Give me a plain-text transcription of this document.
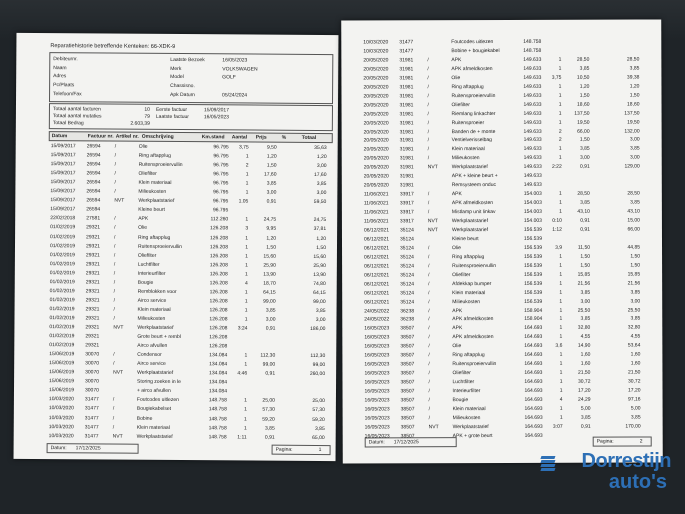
Reparatiehistorie betreffende Kenteken: 66-XDK-9
Debiteurnr.
Naam
Adres
Pc/Plaats
Telefoon/Fax
Laatste Bezoek	16/05/2023
Merk	VOLKSWAGEN
Model	GOLF
Chassisno.
Apk Datum	05/24/2024
Totaal aantal facturen	10 Eerste factuur	15/09/2017
Totaal aantal mutaties	79 Laatste factuur	16/05/2023
Totaal Bedrag	2.603,39
Datum	Factuur nr. Artikel nr. Omschrijving	Km.stand Aantal Prijs	%	Totaal
15/09/2017	26594	/	Olie	96.795	3,75	9,50	35,63
15/09/2017	26594	/	Ring aftapplug	96.795	1	1,20	1,20
15/09/2017	26594	/	Ruitensproeiervullin	96.795	2	1,50	3,00
15/09/2017	26594	/	Oliefilter	96.795	1	17,60	17,60
15/09/2017	26594	/	Klein materiaal	96.795	1	3,85	3,85
15/09/2017	26594	/	Milieukosten	96.795	1	3,00	3,00
15/09/2017	26594	NVT	Werkplaatstarief	96.795	1.05	0,91	59,50
15/09/2017	26594	Kleine beurt	96.795
22/02/2018	27581	/	APK	112.260	1	24,75	24,75
01/02/2019	29321	/	Olie	126.208	3	9,95	37,81
01/02/2019	29321	/	Ring aftapplug	126.208	1	1,20	1,20
01/02/2019	29321	/	Ruitensproeiervullin	126.208	1	1,50	1,50
01/02/2019	29321	/	Oliefilter	126.208	1	15,60	15,60
01/02/2019	29321	/	Luchtfilter	126.208	1	25,90	25,90
01/02/2019	29321	/	Interieurfilter	126.208	1	13,90	13,90
01/02/2019	29321	/	Bougie	126.208	4	18,70	74,80
01/02/2019	29321	/	Remblokken voor	126.208	1	64,15	64,15
01/02/2019	29321	/	Airco service	126.208	1	99,00	99,00
01/02/2019	29321	/	Klein materiaal	126.208	1	3,85	3,85
01/02/2019	29321	/	Milieukosten	126.208	1	3,00	3,00
01/02/2019	29321	NVT	Werkplaatstarief	126.208	3:24	0,91	186,00
01/02/2019	29321	Grote beurt + rembl	126.208
01/02/2019	29321	Airco afvullen	126.208
15/06/2019	30070	/	Condensor	134.084	1	112,30	112,30
15/06/2019	30070	/	Airco service	134.084	1	99,00	99,00
15/06/2019	30070	NVT	Werkplaatstarief	134.084	4:46	0,91	260,00
15/06/2019	30070	Storing zoeken in le	134.084
15/06/2019	30070	+ airco afvullen	134.084
10/03/2020	31477	/	Foutcodes uitlezen	148.758	1	25,00	25,00
10/03/2020	31477	/	Bougiekabelset	148.758	1	57,30	57,30
10/03/2020	31477	/	Bobine	148.758	1	59,20	59,20
10/03/2020	31477	/	Klein materiaal	148.758	1	3,85	3,85
10/03/2020	31477	NVT	Werkplaatstarief	148.758	1:11	0,91	65,00
Datum: 17/12/2025	Pagina:	1
10/03/2020	31477	Foutcodes uitlezen	148.758
10/03/2020	31477	Bobine + bougiekabel	148.758
20/05/2020	31981	/	APK	149.633	1	28,50	28,50
20/05/2020	31981	/	APK afmeldkosten	149.633	1	3,85	3,85
20/05/2020	31981	/	Olie	149.633	3,75	10,50	39,38
20/05/2020	31981	/	Ring aftapplug	149.633	1	1,20	1,20
20/05/2020	31981	/	Ruitensproeiervullin	149.633	1	1,50	1,50
20/05/2020	31981	/	Oliefilter	149.633	1	18,60	18,60
20/05/2020	31981	/	Riemlang linkachter	149.633	1	137,50	137,50
20/05/2020	31981	/	Ruitensproeier	149.633	1	19,50	19,50
20/05/2020	31981	/	Banden de + monte	149.633	2	66,00	132,00
20/05/2020	31981	/	Ventielverisselbag	149.633	2	1,50	3,00
20/05/2020	31981	/	Klein materiaal	149.633	1	3,85	3,85
20/05/2020	31981	/	Milieukosten	149.633	1	3,00	3,00
20/05/2020	31981	NVT	Werkplaatstarief	149.633	2:22	0,91	129,00
20/05/2020	31981	APK + kleine beurt +	149.633
20/05/2020	31981	Remsysteem onduc	149.633
11/06/2021	33917	/	APK	154.003	1	28,50	28,50
11/06/2021	33917	/	APK afmeldkosten	154.003	1	3,85	3,85
11/06/2021	33917	/	Mistlamp unit linkav	154.003	1	43,10	43,10
11/06/2021	33917	NVT	Werkplaatstarief	154.003	0:10	0,91	15,00
06/12/2021	35124	NVT	Werkplaatstarief	156.539	1:12	0,91	66,00
06/12/2021	35124	Kleine beurt	156.539
06/12/2021	35124	/	Olie	156.539	3,9	11,50	44,85
06/12/2021	35124	/	Ring aftapplug	156.539	1	1,50	1,50
06/12/2021	35124	/	Ruitensproeiervullin	156.539	1	1,50	1,50
06/12/2021	35124	/	Oliefilter	156.539	1	15,85	15,85
06/12/2021	35124	/	Afdekkap bumper	156.539	1	21,56	21,56
06/12/2021	35124	/	Klein materiaal	156.539	1	3,85	3,85
06/12/2021	35124	/	Milieukosten	156.539	1	3,00	3,00
24/05/2022	36238	/	APK	158.904	1	25,50	25,50
24/05/2022	36238	/	APK afmeldkosten	158.904	1	3,85	3,85
16/05/2023	38507	/	APK	164.693	1	32,80	32,80
16/05/2023	38507	/	APK afmeldkosten	164.693	1	4,55	4,55
16/05/2023	38507	/	Olie	164.693	3,6	14,90	53,64
16/05/2023	38507	/	Ring aftapplug	164.693	1	1,60	1,60
16/05/2023	38507	/	Ruitensproeiervullin	164.693	1	1,60	1,60
16/05/2023	38507	/	Oliefilter	164.693	1	21,50	21,50
16/05/2023	38507	/	Luchtfilter	164.693	1	30,72	30,72
16/05/2023	38507	/	Interieurfilter	164.693	1	17,20	17,20
16/05/2023	38507	/	Bougie	164.693	4	24,29	97,16
16/05/2023	38507	/	Klein materiaal	164.693	1	5,00	5,00
16/05/2023	38507	/	Milieukosten	164.693	1	3,85	3,85
16/05/2023	38507	NVT	Werkplaatstarief	164.693	3:07	0,91	170,00
16/05/2023	38507	APK + grote beurt	164.693
Datum: 17/12/2025	Pagina:	2
Dorrestijn
auto's
